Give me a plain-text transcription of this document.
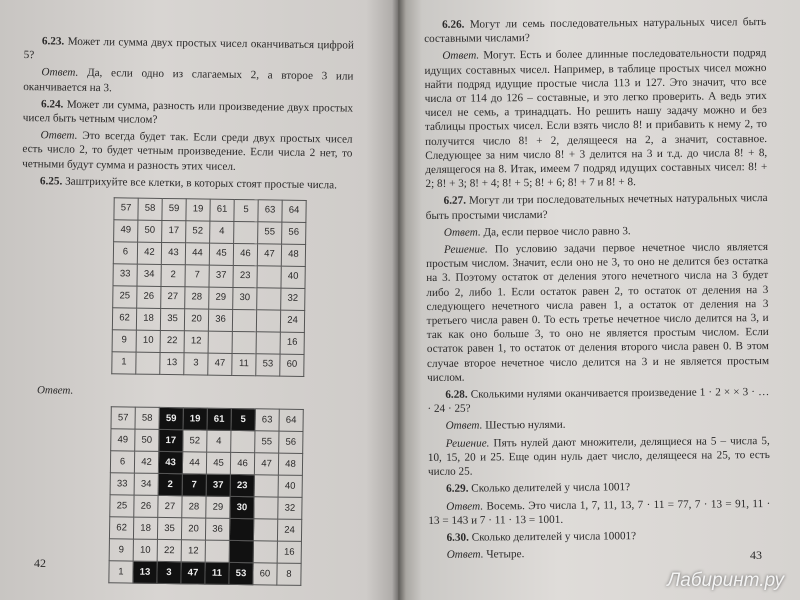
6.23. Может ли сумма двух простых чисел оканчиваться цифрой 5?

Ответ. Да, если одно из слагаемых 2, а второе 3 или оканчивается на 3.

6.24. Может ли сумма, разность или произведение двух простых чисел быть четным числом?

Ответ. Это всегда будет так. Если среди двух простых чисел есть число 2, то будет четным произведение. Если числа 2 нет, то четными будут сумма и разность этих чисел.

6.25. Заштрихуйте все клетки, в которых стоят простые числа.

57	58	59	19	61	5	63	64
49	50	17	52	4		55	56
6	42	43	44	45	46	47	48
33	34	2	7	37	23		40
25	26	27	28	29	30		32
62	18	35	20	36			24
9	10	22	12				16
1		13	3	47	11	53	60
Ответ.
57	58	59	19	61	5	63	64
49	50	17	52	4		55	56
6	42	43	44	45	46	47	48
33	34	2	7	37	23		40
25	26	27	28	29	30		32
62	18	35	20	36			24
9	10	22	12				16
1	13	3	47	11	53	60	8
42

6.26. Могут ли семь последовательных натуральных чисел быть составными числами?

Ответ. Могут. Есть и более длинные последовательности подряд идущих составных чисел. Например, в таблице простых чисел можно найти подряд идущие простые числа 113 и 127. Это значит, что все числа от 114 до 126 – составные, и это легко проверить. А ведь этих чисел не семь, а тринадцать. Но решить нашу задачу можно и без таблицы простых чисел. Если взять число 8! и прибавить к нему 2, то получится число 8! + 2, делящееся на 2, а значит, составное. Следующее за ним число 8! + 3 делится на 3 и т.д. до числа 8! + 8, делящегося на 8. Итак, имеем 7 подряд идущих составных чисел: 8! + 2; 8! + 3; 8! + 4; 8! + 5; 8! + 6; 8! + 7 и 8! + 8.

6.27. Могут ли три последовательных нечетных натуральных числа быть простыми числами?

Ответ. Да, если первое число равно 3.

Решение. По условию задачи первое нечетное число является простым числом. Значит, если оно не 3, то оно не делится без остатка на 3. Поэтому остаток от деления этого нечетного числа на 3 будет либо 2, либо 1. Если остаток равен 2, то остаток от деления на 3 следующего нечетного числа равен 1, а остаток от деления на 3 третьего числа равен 0. То есть третье нечетное число делится на 3, и так как оно больше 3, то оно не является простым числом. Если остаток равен 1, то остаток от деления второго числа равен 0. В этом случае второе нечетное число делится на 3 и не является простым числом.

6.28. Сколькими нулями оканчивается произведение 1 · 2 × × 3 · … · 24 · 25?

Ответ. Шестью нулями.

Решение. Пять нулей дают множители, делящиеся на 5 – числа 5, 10, 15, 20 и 25. Еще один нуль дает число, делящееся на 25, то есть число 25.

6.29. Сколько делителей у числа 1001?

Ответ. Восемь. Это числа 1, 7, 11, 13, 7 · 11 = 77, 7 · 13 = 91, 11 · 13 = 143 и 7 · 11 · 13 = 1001.

6.30. Сколько делителей у числа 10001?

Ответ. Четыре.	43
Лабиринт.ру
